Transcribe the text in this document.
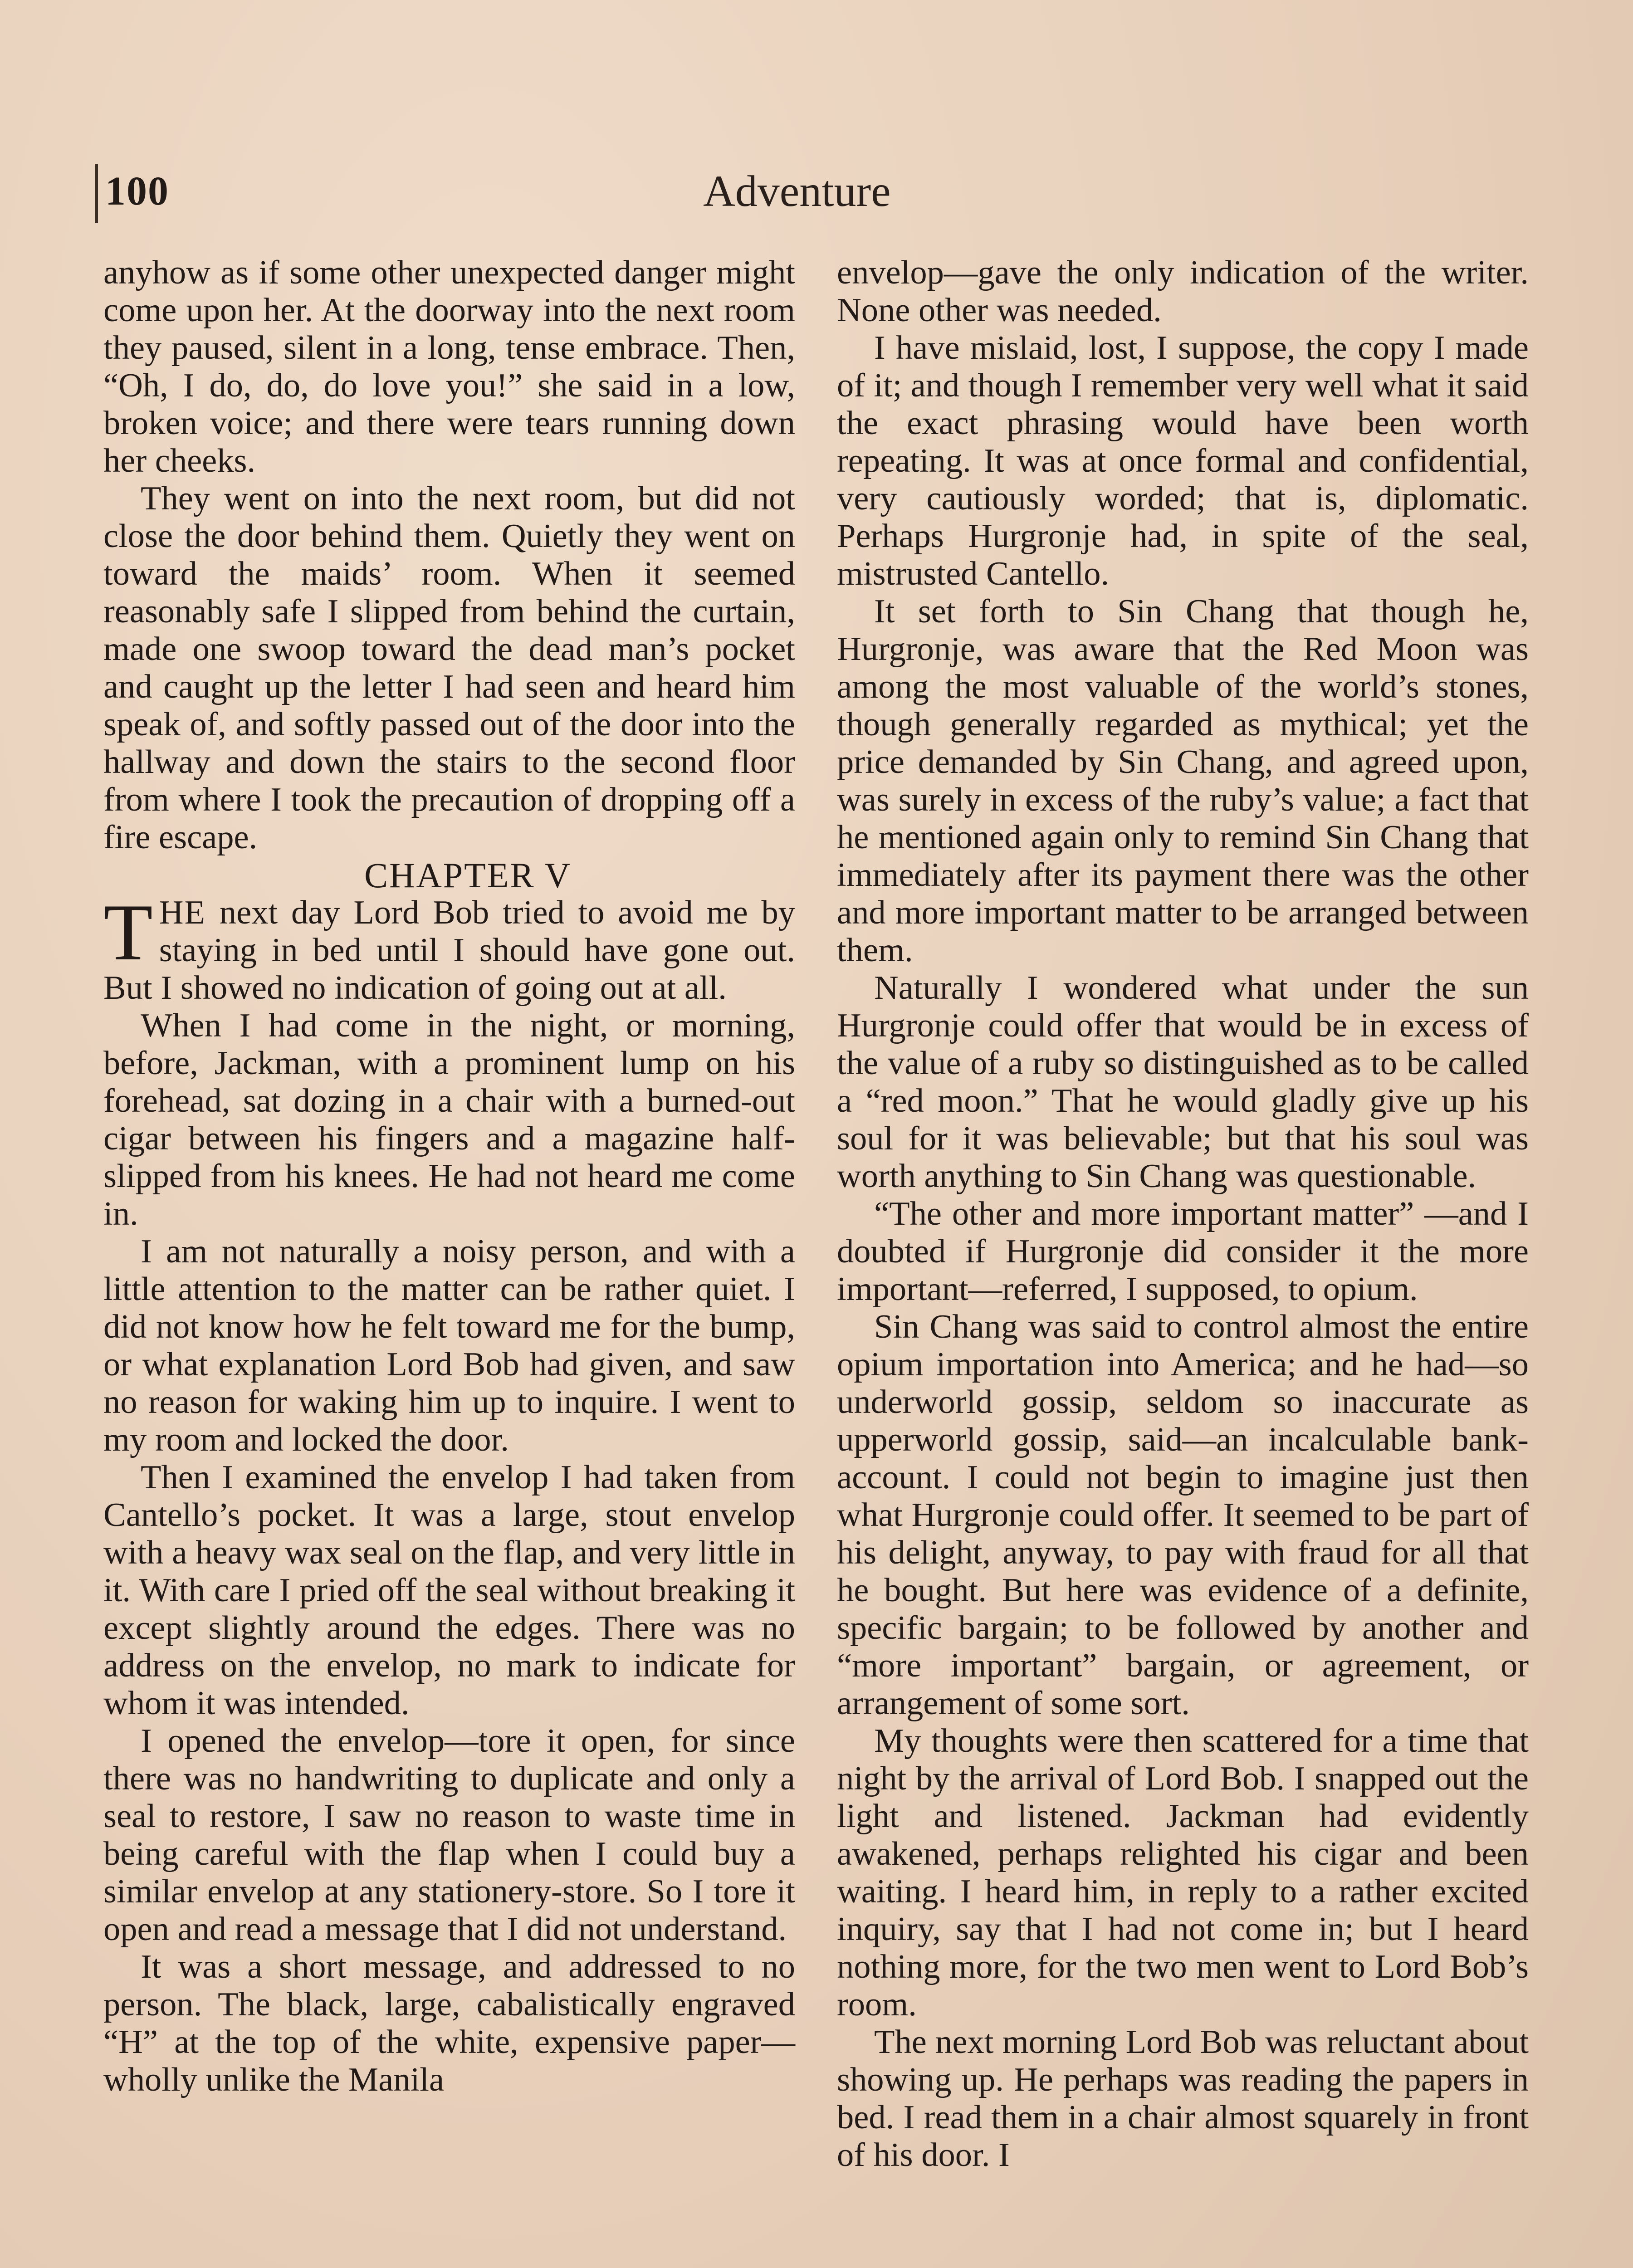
100	Adventure

anyhow as if some other unexpected danger might come upon her. At the doorway into the next room they paused, silent in a long, tense embrace. Then, “Oh, I do, do, do love you!” she said in a low, broken voice; and there were tears running down her cheeks.

They went on into the next room, but did not close the door behind them. Quietly they went on toward the maids’ room. When it seemed reasonably safe I slipped from behind the curtain, made one swoop toward the dead man’s pocket and caught up the letter I had seen and heard him speak of, and softly passed out of the door into the hallway and down the stairs to the second floor from where I took the precaution of dropping off a fire escape.

CHAPTER V

THE next day Lord Bob tried to avoid me by staying in bed until I should have gone out. But I showed no indication of going out at all.

When I had come in the night, or morning, before, Jackman, with a prominent lump on his forehead, sat dozing in a chair with a burned-out cigar between his fingers and a magazine half-slipped from his knees. He had not heard me come in.

I am not naturally a noisy person, and with a little attention to the matter can be rather quiet. I did not know how he felt toward me for the bump, or what explanation Lord Bob had given, and saw no reason for waking him up to inquire. I went to my room and locked the door.

Then I examined the envelop I had taken from Cantello’s pocket. It was a large, stout envelop with a heavy wax seal on the flap, and very little in it. With care I pried off the seal without breaking it except slightly around the edges. There was no address on the envelop, no mark to indicate for whom it was intended.

I opened the envelop—tore it open, for since there was no handwriting to duplicate and only a seal to restore, I saw no reason to waste time in being careful with the flap when I could buy a similar envelop at any stationery-store. So I tore it open and read a message that I did not understand.

It was a short message, and addressed to no person. The black, large, cabalistically engraved “H” at the top of the white, expensive paper—wholly unlike the Manila

envelop—gave the only indication of the writer. None other was needed.

I have mislaid, lost, I suppose, the copy I made of it; and though I remember very well what it said the exact phrasing would have been worth repeating. It was at once formal and confidential, very cautiously worded; that is, diplomatic. Perhaps Hurgronje had, in spite of the seal, mistrusted Cantello.

It set forth to Sin Chang that though he, Hurgronje, was aware that the Red Moon was among the most valuable of the world’s stones, though generally regarded as mythical; yet the price demanded by Sin Chang, and agreed upon, was surely in excess of the ruby’s value; a fact that he mentioned again only to remind Sin Chang that immediately after its payment there was the other and more important matter to be arranged between them.

Naturally I wondered what under the sun Hurgronje could offer that would be in excess of the value of a ruby so distinguished as to be called a “red moon.” That he would gladly give up his soul for it was believable; but that his soul was worth anything to Sin Chang was questionable.

“The other and more important matter” —and I doubted if Hurgronje did consider it the more important—referred, I supposed, to opium.

Sin Chang was said to control almost the entire opium importation into America; and he had—so underworld gossip, seldom so inaccurate as upperworld gossip, said—an incalculable bank-account. I could not begin to imagine just then what Hurgronje could offer. It seemed to be part of his delight, anyway, to pay with fraud for all that he bought. But here was evidence of a definite, specific bargain; to be followed by another and “more important” bargain, or agreement, or arrangement of some sort.

My thoughts were then scattered for a time that night by the arrival of Lord Bob. I snapped out the light and listened. Jackman had evidently awakened, perhaps relighted his cigar and been waiting. I heard him, in reply to a rather excited inquiry, say that I had not come in; but I heard nothing more, for the two men went to Lord Bob’s room.

The next morning Lord Bob was reluctant about showing up. He perhaps was reading the papers in bed. I read them in a chair almost squarely in front of his door. I
